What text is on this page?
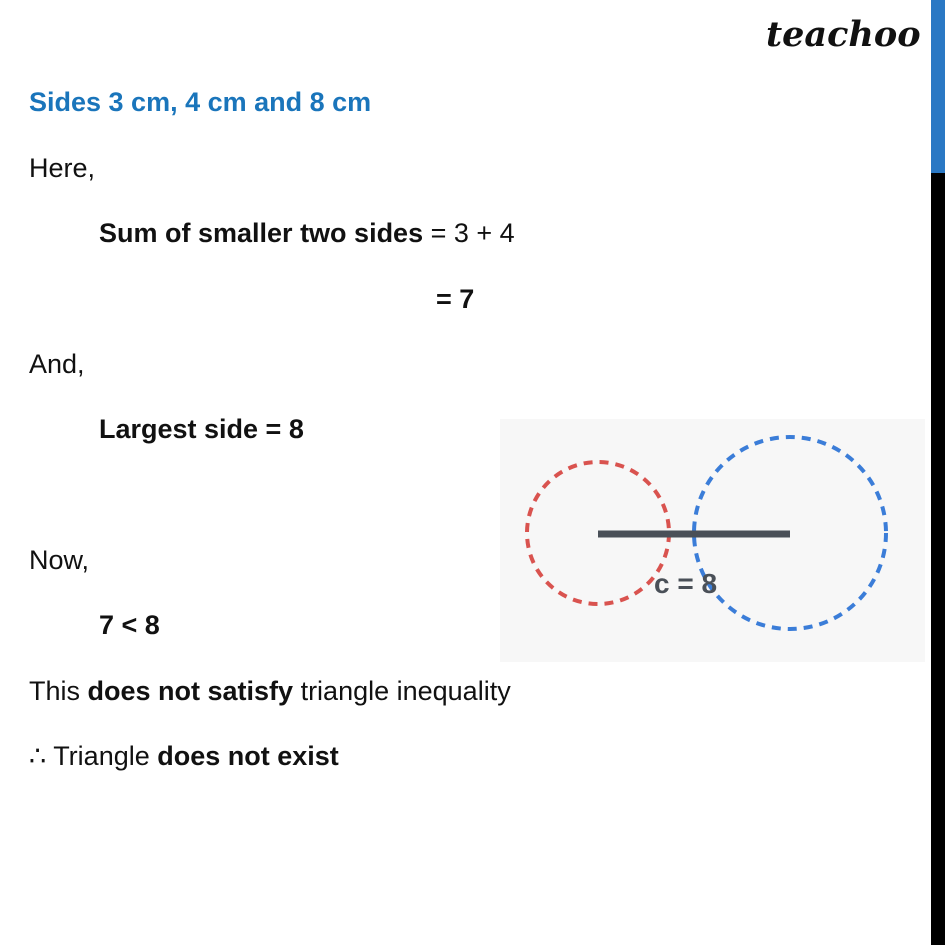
teachoo
Sides 3 cm, 4 cm and 8 cm
Here,
Sum of smaller two sides = 3 + 4
= 7
And,
Largest side = 8
Now,
7 < 8
This does not satisfy triangle inequality
∴ Triangle does not exist
c = 8
